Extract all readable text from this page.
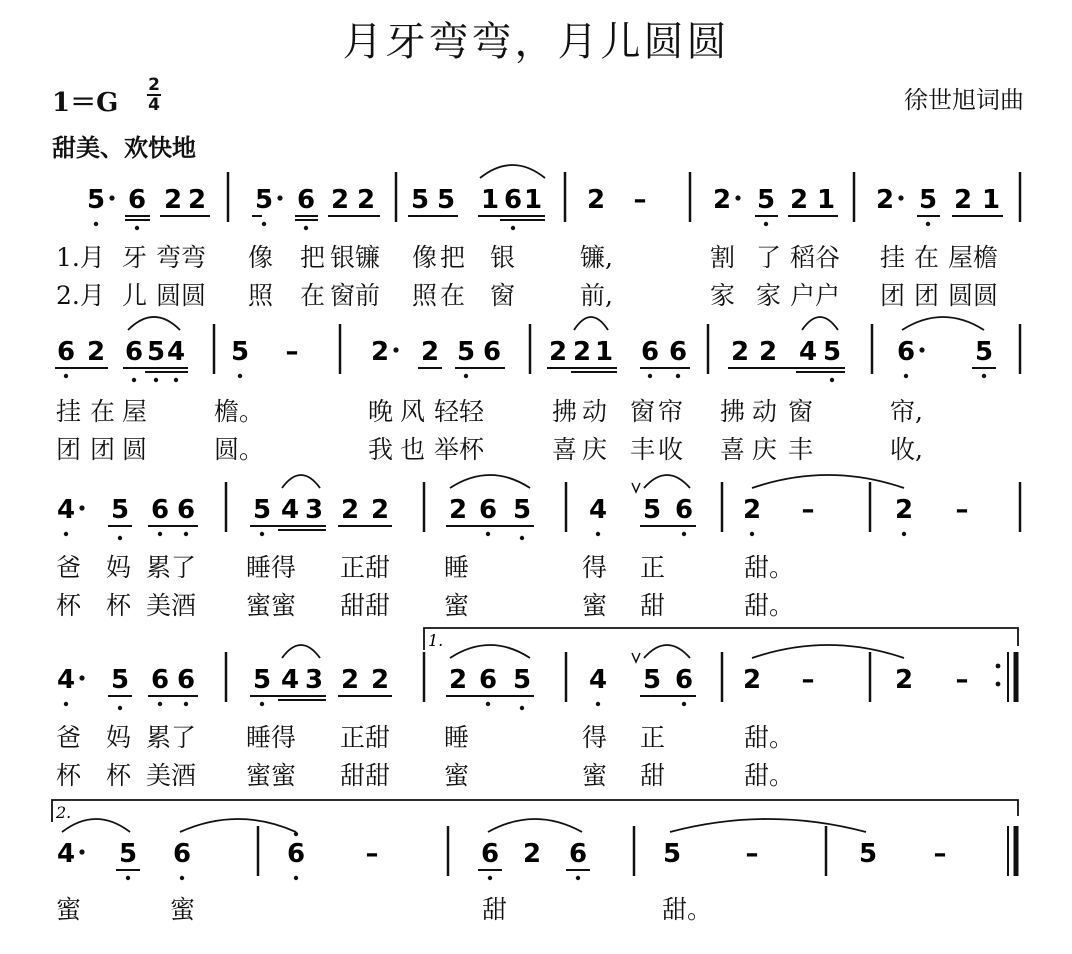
月牙弯弯，月儿圆圆
1＝G
2
4	徐世旭词曲
甜美、欢快地
5 6 2 2 5 6 2 2 5 5 1 6 1 2 –	2 5 2 1 2 5 2 1
6 2 6 5 4 5 –	2 2 5 6 2 2 1 6 6 2 2 4 5 6 5
4 5 6 6 5 4 3 2 2 2 6 5 4 5 6 2 –	2 –
4 5 6 6 5 4 3 2 2 2 6 5 4 5 6 2 –	2 –
1.
4 5 6	6 –	6 2 6	5 –	5 –
2.
1.月 牙 弯弯 像 把 银镰 像 把 银	镰,	割 了 稻谷 挂 在 屋檐
2.月 儿 圆圆 照 在 窗前 照 在 窗	前,	家 家 户户 团 团 圆圆
挂 在 屋	檐。	晚 风 轻轻	拂 动 窗 帘 拂 动 窗	帘,
团 团 圆	圆。	我 也 举杯	喜 庆 丰 收 喜 庆 丰	收,
爸 妈 累了 睡得 正甜 睡	得 正	甜。
杯 杯 美酒 蜜蜜 甜甜 蜜	蜜 甜	甜。
爸 妈 累了 睡得 正甜 睡	得 正	甜。
杯 杯 美酒 蜜蜜 甜甜 蜜	蜜 甜	甜。
蜜	蜜	甜	甜。
